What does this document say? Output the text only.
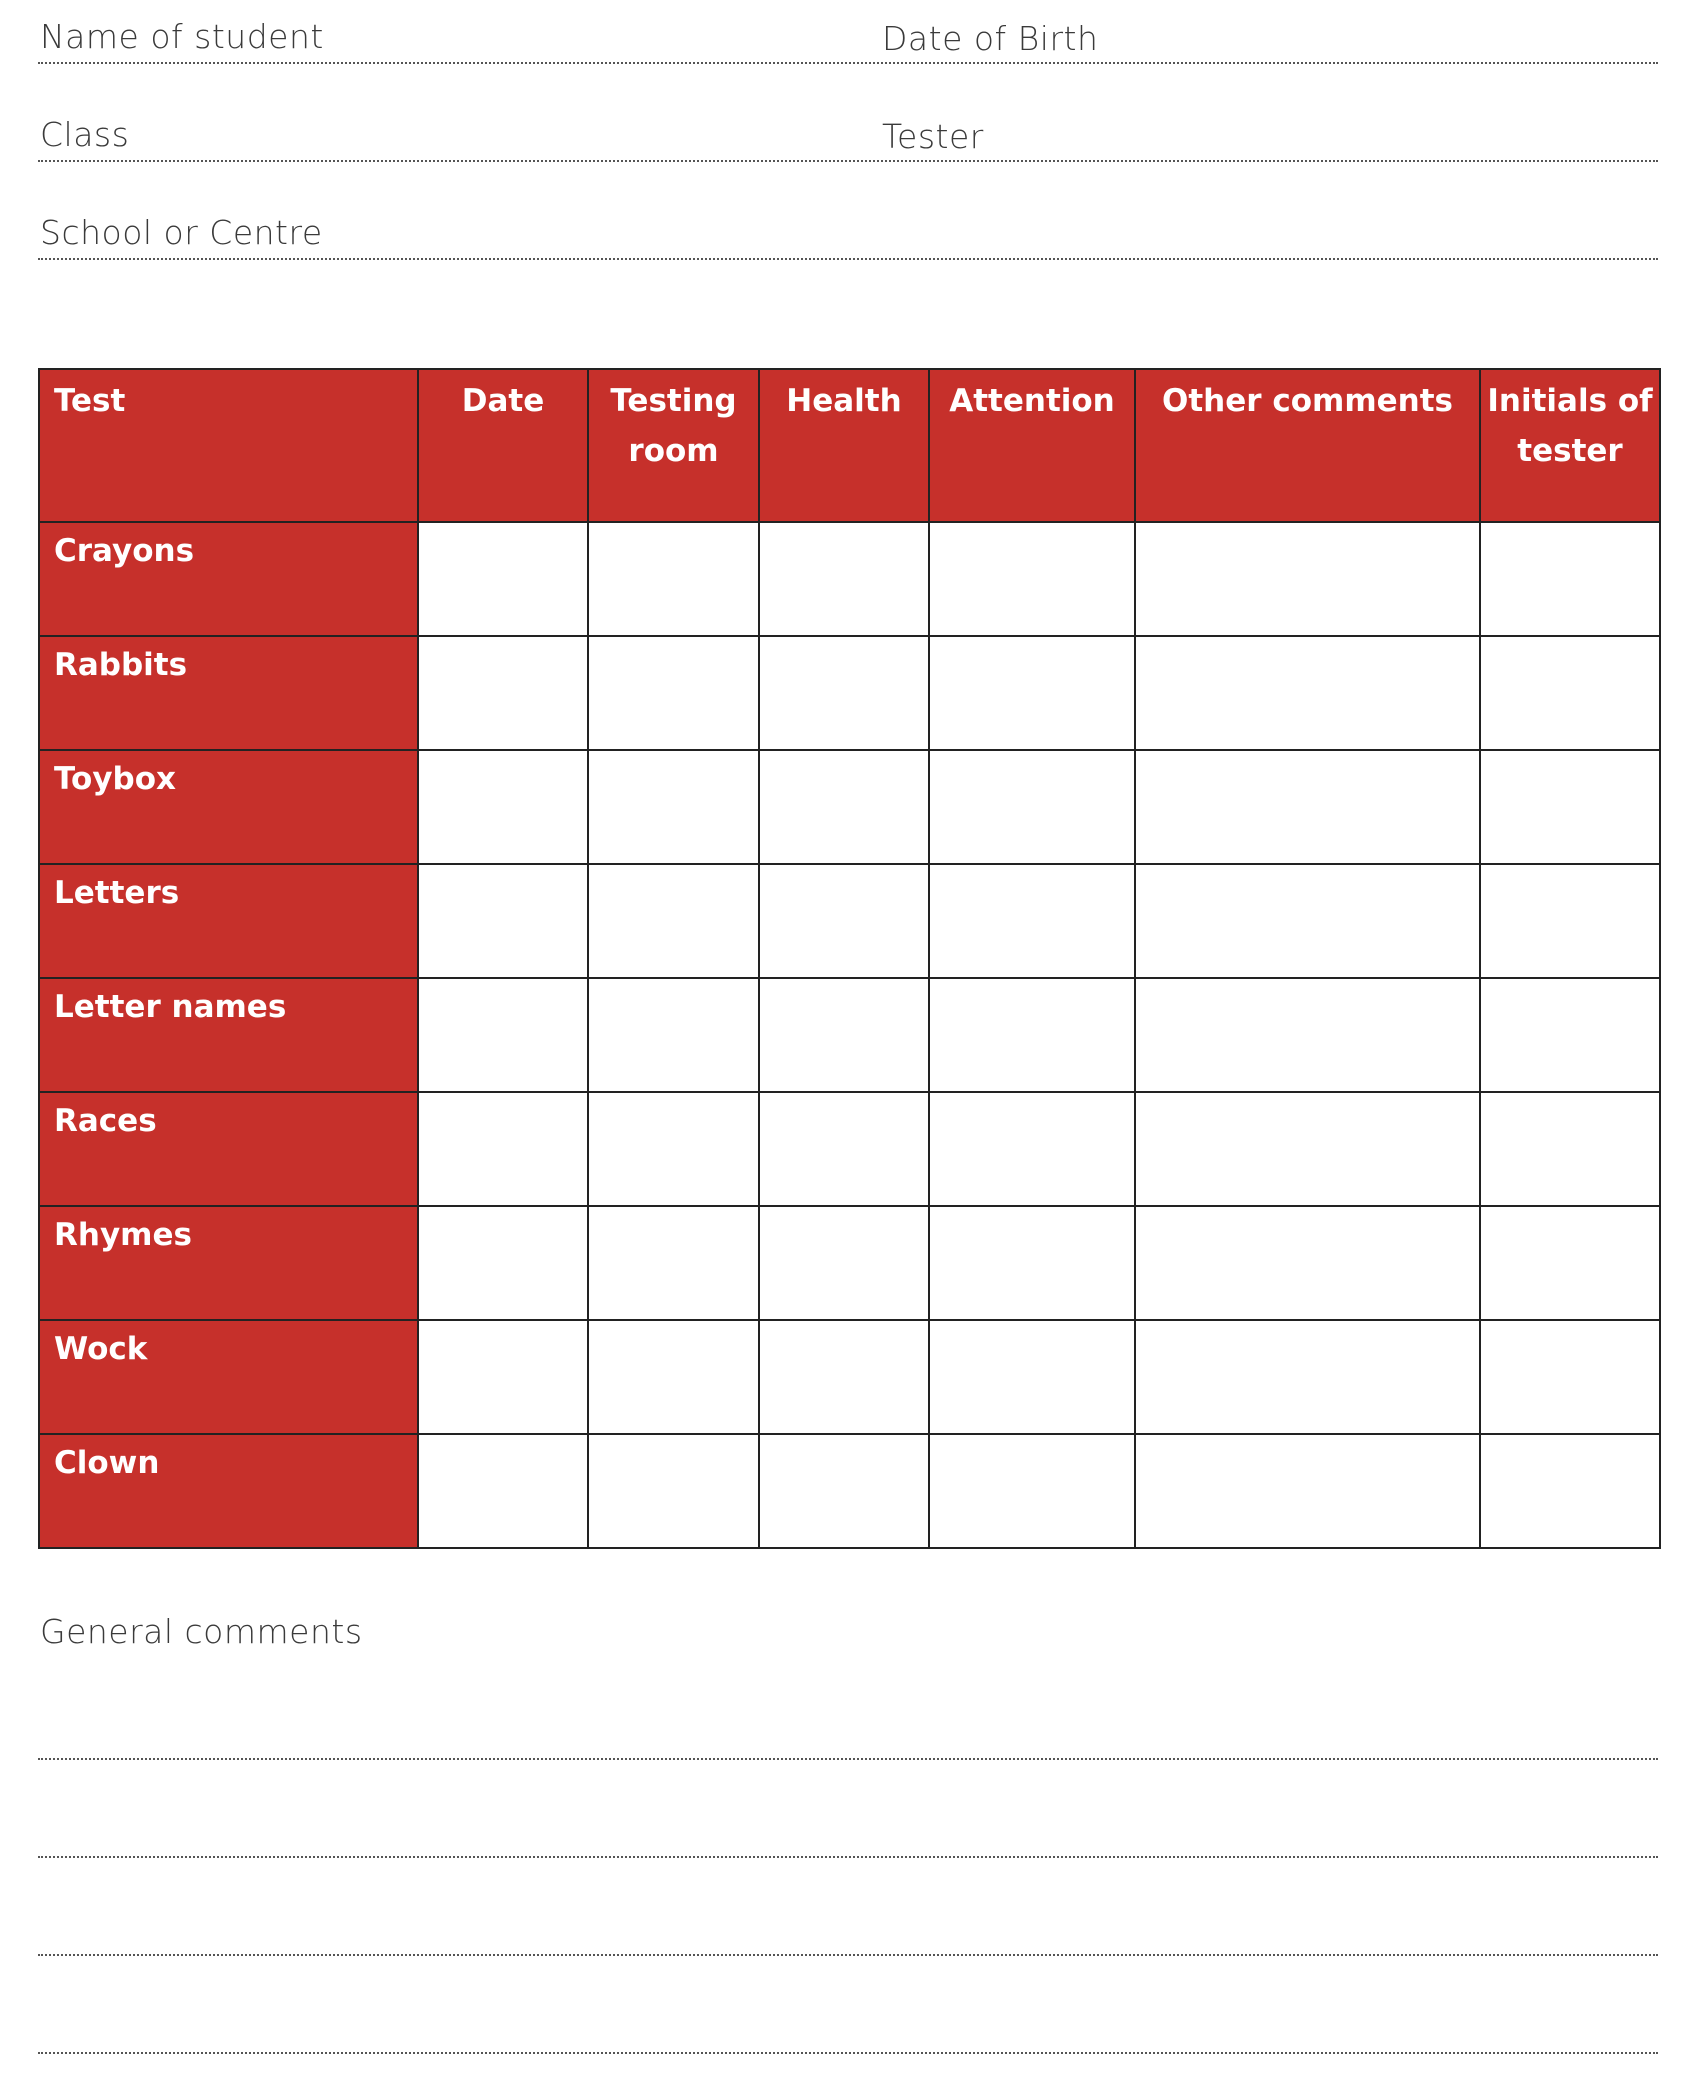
Name of student	Date of Birth
Class	Tester
School or Centre
Test	Date	Testing room	Health	Attention	Other comments	Initials of tester
Crayons						
Rabbits						
Toybox						
Letters						
Letter names						
Races						
Rhymes						
Wock						
Clown						
General comments
